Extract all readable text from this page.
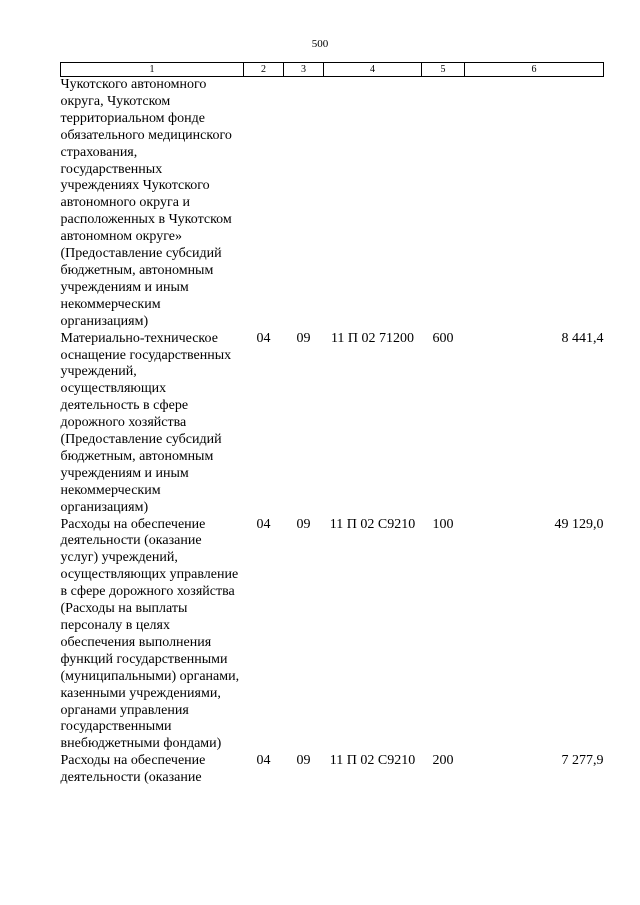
500
1	2	3	4	5	6
Чукотского автономного округа, Чукотском территориальном фонде обязательного медицинского страхования, государственных учреждениях Чукотского автономного округа и расположенных в Чукотском автономном округе» (Предоставление субсидий бюджетным, автономным учреждениям и иным некоммерческим организациям)					
Материально-техническое оснащение государственных учреждений, осуществляющих деятельность в сфере дорожного хозяйства (Предоставление субсидий бюджетным, автономным учреждениям и иным некоммерческим организациям)	04	09	11 П 02 71200	600	8 441,4
Расходы на обеспечение деятельности (оказание услуг) учреждений, осуществляющих управление в сфере дорожного хозяйства (Расходы на выплаты персоналу в целях обеспечения выполнения функций государственными (муниципальными) органами, казенными учреждениями, органами управления государственными внебюджетными фондами)	04	09	11 П 02 С9210	100	49 129,0
Расходы на обеспечение деятельности (оказание	04	09	11 П 02 С9210	200	7 277,9
